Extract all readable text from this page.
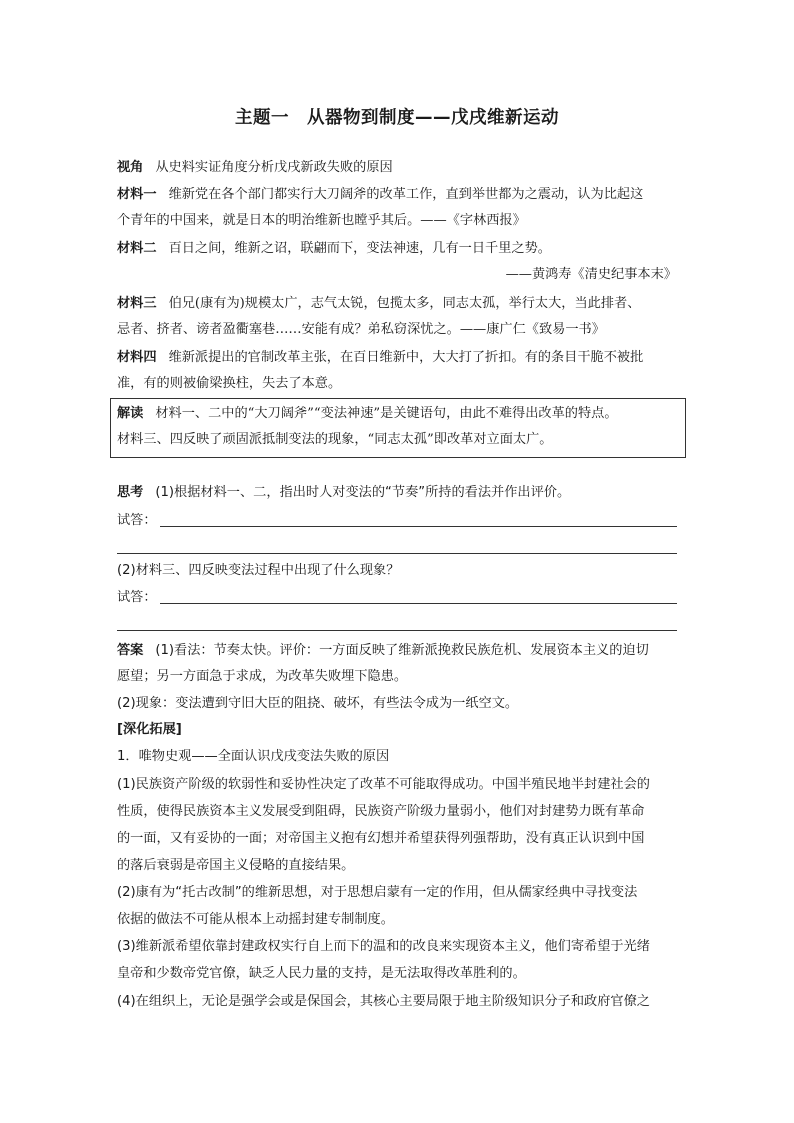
主题一　从器物到制度——戊戌维新运动
视角 从史料实证角度分析戊戌新政失败的原因
材料一 维新党在各个部门都实行大刀阔斧的改革工作，直到举世都为之震动，认为比起这
个青年的中国来，就是日本的明治维新也瞠乎其后。——《字林西报》
材料二 百日之间，维新之诏，联翩而下，变法神速，几有一日千里之势。
——黄鸿寿《清史纪事本末》
材料三 伯兄(康有为)规模太广，志气太锐，包揽太多，同志太孤，举行太大，当此排者、
忌者、挤者、谤者盈衢塞巷……安能有成？弟私窃深忧之。——康广仁《致易一书》
材料四 维新派提出的官制改革主张，在百日维新中，大大打了折扣。有的条目干脆不被批
准，有的则被偷梁换柱，失去了本意。
解读 材料一、二中的“大刀阔斧”“变法神速”是关键语句，由此不难得出改革的特点。
材料三、四反映了顽固派抵制变法的现象，“同志太孤”即改革对立面太广。
思考 (1)根据材料一、二，指出时人对变法的“节奏”所持的看法并作出评价。
试答：
(2)材料三、四反映变法过程中出现了什么现象？
试答：
答案 (1)看法：节奏太快。评价：一方面反映了维新派挽救民族危机、发展资本主义的迫切
愿望；另一方面急于求成，为改革失败埋下隐患。
(2)现象：变法遭到守旧大臣的阻挠、破坏，有些法令成为一纸空文。
[深化拓展]
1．唯物史观——全面认识戊戌变法失败的原因
(1)民族资产阶级的软弱性和妥协性决定了改革不可能取得成功。中国半殖民地半封建社会的
性质，使得民族资本主义发展受到阻碍，民族资产阶级力量弱小，他们对封建势力既有革命
的一面，又有妥协的一面；对帝国主义抱有幻想并希望获得列强帮助，没有真正认识到中国
的落后衰弱是帝国主义侵略的直接结果。
(2)康有为“托古改制”的维新思想，对于思想启蒙有一定的作用，但从儒家经典中寻找变法
依据的做法不可能从根本上动摇封建专制制度。
(3)维新派希望依靠封建政权实行自上而下的温和的改良来实现资本主义，他们寄希望于光绪
皇帝和少数帝党官僚，缺乏人民力量的支持，是无法取得改革胜利的。
(4)在组织上，无论是强学会或是保国会，其核心主要局限于地主阶级知识分子和政府官僚之
